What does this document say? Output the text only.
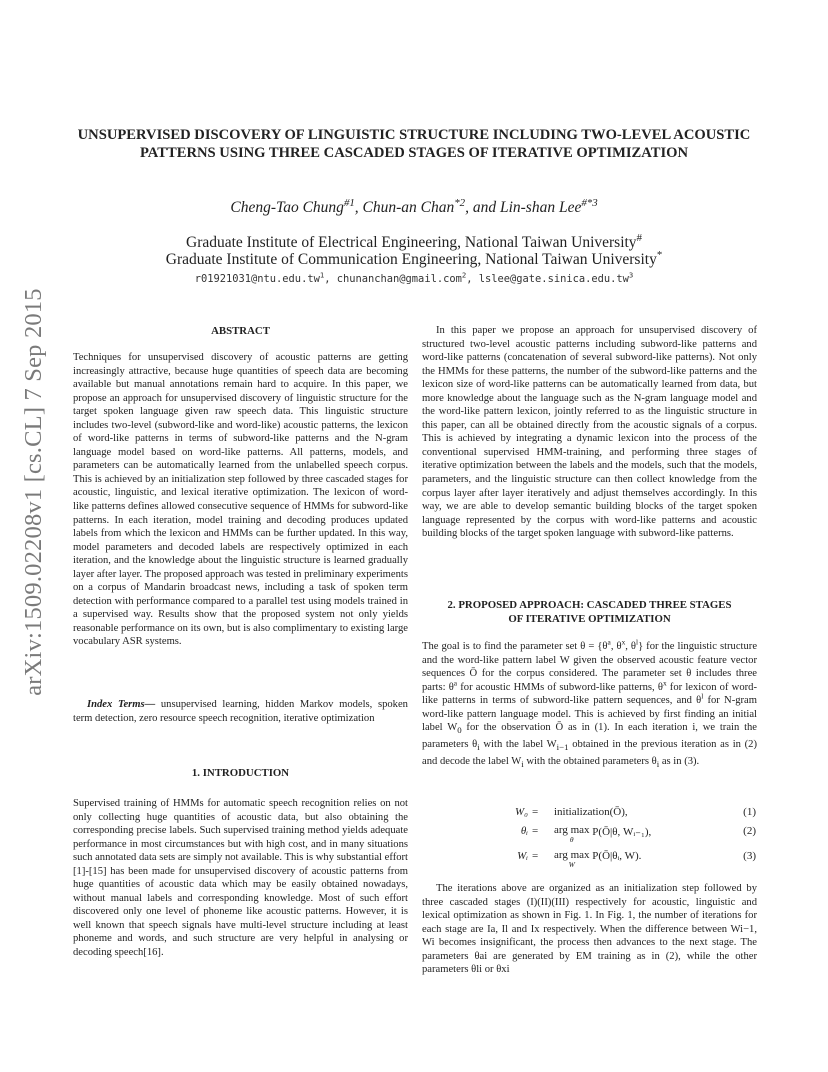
arXiv:1509.02208v1 [cs.CL] 7 Sep 2015
UNSUPERVISED DISCOVERY OF LINGUISTIC STRUCTURE INCLUDING TWO-LEVEL ACOUSTIC PATTERNS USING THREE CASCADED STAGES OF ITERATIVE OPTIMIZATION
Cheng-Tao Chung$^{\#1}$, Chun-an Chan$^{*2}$, and Lin-shan Lee$^{\#*3}$
Graduate Institute of Electrical Engineering, National Taiwan University#
Graduate Institute of Communication Engineering, National Taiwan University*
$r01921031@ntu.edu.tw^1$, chunanchan@gmail.com$^2$, $lslee@gate.sinica.edu.tw^3$
ABSTRACT

Techniques for unsupervised discovery of acoustic patterns are getting increasingly attractive, because huge quantities of speech data are becoming available but manual annotations remain hard to acquire. In this paper, we propose an approach for unsupervised discovery of linguistic structure for the target spoken language given raw speech data. This linguistic structure includes two-level (subword-like and word-like) acoustic patterns, the lexicon of word-like patterns in terms of subword-like patterns and the N-gram language model based on word-like patterns. All patterns, models, and parameters can be automatically learned from the unlabelled speech corpus. This is achieved by an initialization step followed by three cascaded stages for acoustic, linguistic, and lexical iterative optimization. The lexicon of word-like patterns defines allowed consecutive sequence of HMMs for subword-like patterns. In each iteration, model training and decoding produces updated labels from which the lexicon and HMMs can be further updated. In this way, model parameters and decoded labels are respectively optimized in each iteration, and the knowledge about the linguistic structure is learned gradually layer after layer. The proposed approach was tested in preliminary experiments on a corpus of Mandarin broadcast news, including a task of spoken term detection with performance compared to a parallel test using models trained in a supervised way. Results show that the proposed system not only yields reasonable performance on its own, but is also complimentary to existing large vocabulary ASR systems.

Index Terms— unsupervised learning, hidden Markov models, spoken term detection, zero resource speech recognition, iterative optimization

1. INTRODUCTION

Supervised training of HMMs for automatic speech recognition relies on not only collecting huge quantities of acoustic data, but also obtaining the corresponding precise labels. Such supervised training method yields adequate performance in most circumstances but with high cost, and in many situations such annotated data sets are simply not available. This is why substantial effort [1]-[15] has been made for unsupervised discovery of acoustic patterns from huge quantities of acoustic data which may be easily obtained nowadays, without manual labels and corresponding knowledge. Most of such effort discovered only one level of phoneme like acoustic patterns. However, it is well known that speech signals have multi-level structure including at least phoneme and words, and such structure are very helpful in analysing or decoding speech[16].

In this paper we propose an approach for unsupervised discovery of structured two-level acoustic patterns including subword-like patterns and word-like patterns (concatenation of several subword-like patterns). Not only the HMMs for these patterns, the number of the subword-like patterns and the lexicon size of word-like patterns can be automatically learned from data, but more knowledge about the language such as the N-gram language model and the word-like pattern lexicon, jointly referred to as the linguistic structure in this paper, can all be obtained directly from the acoustic signals of a corpus. This is achieved by integrating a dynamic lexicon into the process of the conventional supervised HMM-training, and performing three stages of iterative optimization between the labels and the models, such that the models, parameters, and the linguistic structure can then collect knowledge from the corpus layer after layer iteratively and adjust themselves accordingly. In this way, we are able to develop semantic building blocks of the target spoken language represented by the corpus with word-like patterns and acoustic building blocks of the target spoken language with subword-like patterns.

2. PROPOSED APPROACH: CASCADED THREE STAGES
OF ITERATIVE OPTIMIZATION

The goal is to find the parameter set $\theta = \{\theta^a$, $\theta^x$, $\theta^l$} for the linguistic structure and the word-like pattern label W given the observed acoustic feature vector sequences Ō for the corpus considered. The parameter set θ includes three parts: $\theta^a$ for acoustic HMMs of subword-like patterns, $\theta^x$ for lexicon of word-like patterns in terms of subword-like pattern sequences, and $\theta^l$ for N-gram word-like pattern language model. This is achieved by first finding an initial label $W_0$ for the observation Ō as in (1). In each iteration i, we train the parameters $\theta_i$ with the label $W_{i-1}$ obtained in the previous iteration as in (2) and decode the label $W_i$ with the obtained parameters $\theta_i$ as in (3).

W₀ = initialization(Ō),	(1)
θᵢ = arg max
θ
P(Ō|θ, Wᵢ₋₁),	(2)
Wᵢ = arg max
W
P(Ō|θᵢ, W).	(3)

The iterations above are organized as an initialization step followed by three cascaded stages (I)(II)(III) respectively for acoustic, linguistic and lexical optimization as shown in Fig. 1. In Fig. 1, the number of iterations for each stage are Ia, Il and Ix respectively. When the difference between Wi−1, Wi becomes insignificant, the process then advances to the next stage. The parameters θai are generated by EM training as in (2), while the other parameters θli or θxi
